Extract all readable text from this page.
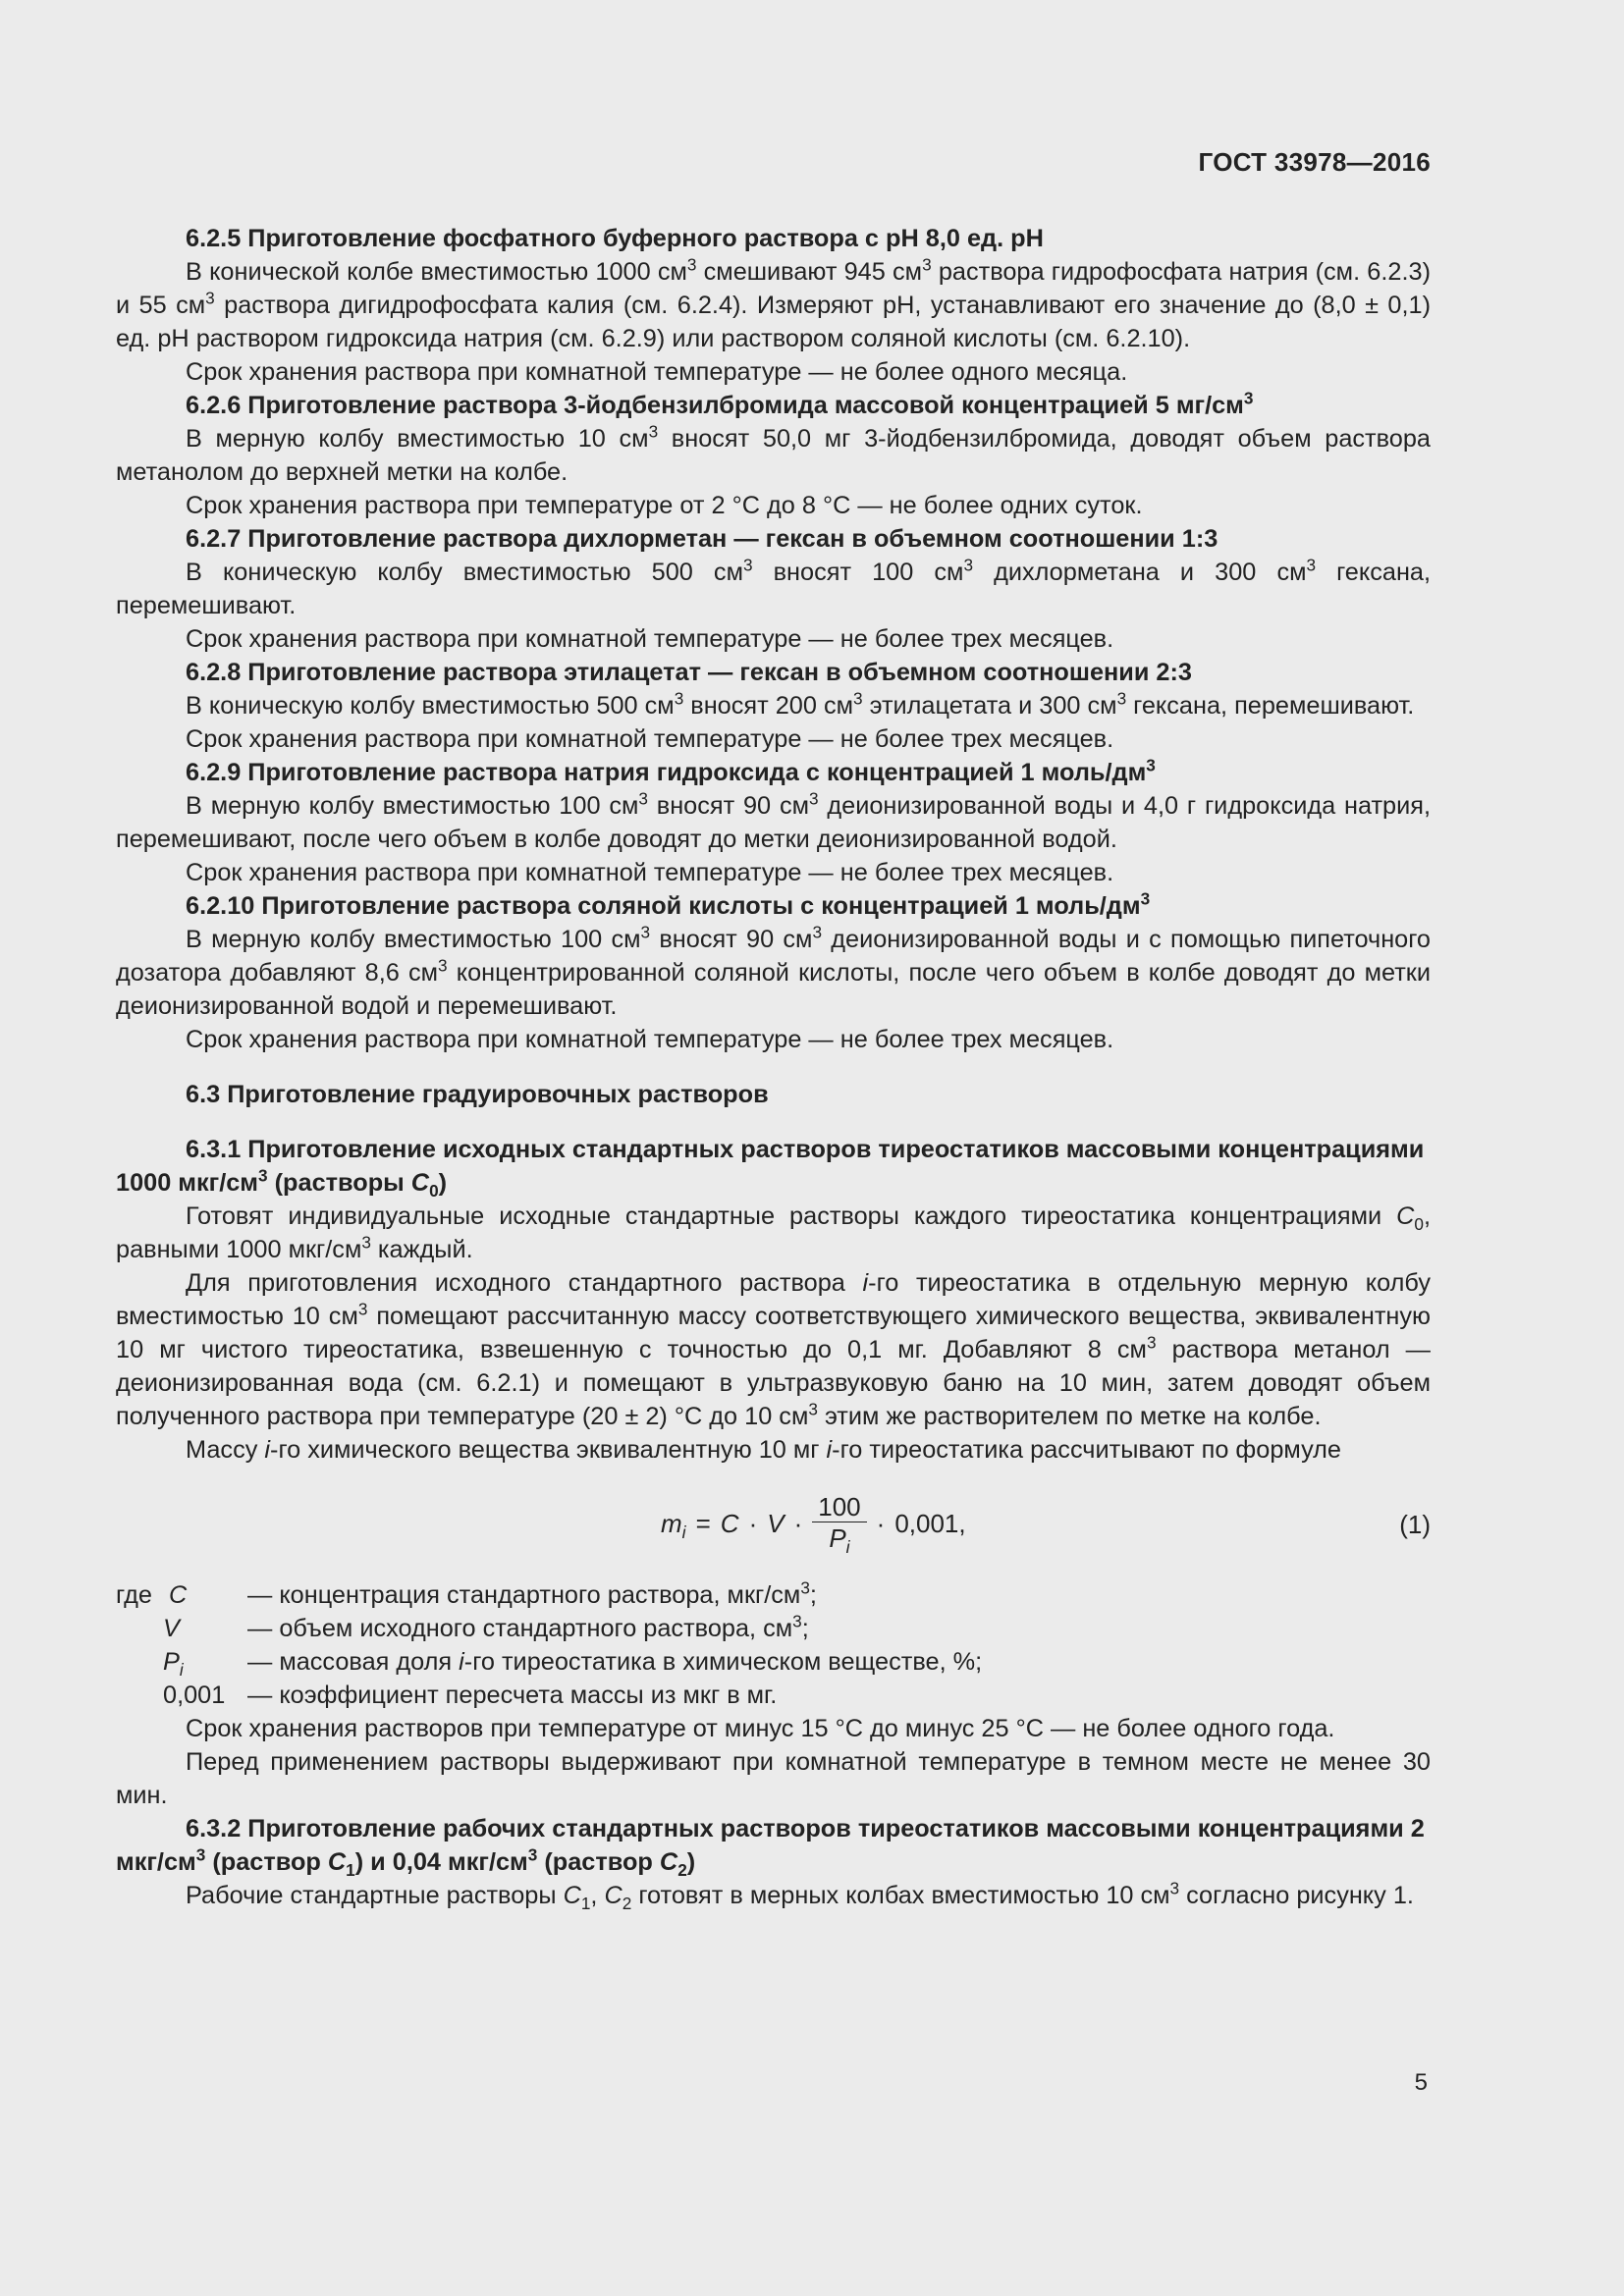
ГОСТ 33978—2016

6.2.5 Приготовление фосфатного буферного раствора с pH 8,0 ед. pH

В конической колбе вместимостью 1000 $см^3$ смешивают 945 $см^3$ раствора гидрофосфата натрия (см. 6.2.3) и 55 $см^3$ раствора дигидрофосфата калия (см. 6.2.4). Измеряют pH, устанавливают его значение до (8,0 ± 0,1) ед. pH раствором гидроксида натрия (см. 6.2.9) или раствором соляной кислоты (см. 6.2.10).

Срок хранения раствора при комнатной температуре — не более одного месяца.

6.2.6 Приготовление раствора 3-йодбензилбромида массовой концентрацией 5 $мг/см^3$

В мерную колбу вместимостью 10 $см^3$ вносят 50,0 мг 3-йодбензилбромида, доводят объем раствора метанолом до верхней метки на колбе.

Срок хранения раствора при температуре от 2 °С до 8 °С — не более одних суток.

6.2.7 Приготовление раствора дихлорметан — гексан в объемном соотношении 1:3

В коническую колбу вместимостью 500 $см^3$ вносят 100 $см^3$ дихлорметана и 300 $см^3$ гексана, перемешивают.

Срок хранения раствора при комнатной температуре — не более трех месяцев.

6.2.8 Приготовление раствора этилацетат — гексан в объемном соотношении 2:3

В коническую колбу вместимостью 500 $см^3$ вносят 200 $см^3$ этилацетата и 300 $см^3$ гексана, перемешивают.

Срок хранения раствора при комнатной температуре — не более трех месяцев.

6.2.9 Приготовление раствора натрия гидроксида с концентрацией 1 моль/$дм^3$

В мерную колбу вместимостью 100 $см^3$ вносят 90 $см^3$ деионизированной воды и 4,0 г гидроксида натрия, перемешивают, после чего объем в колбе доводят до метки деионизированной водой.

Срок хранения раствора при комнатной температуре — не более трех месяцев.

6.2.10 Приготовление раствора соляной кислоты с концентрацией 1 моль/$дм^3$

В мерную колбу вместимостью 100 $см^3$ вносят 90 $см^3$ деионизированной воды и с помощью пипеточного дозатора добавляют 8,6 $см^3$ концентрированной соляной кислоты, после чего объем в колбе доводят до метки деионизированной водой и перемешивают.

Срок хранения раствора при комнатной температуре — не более трех месяцев.

6.3 Приготовление градуировочных растворов

6.3.1 Приготовление исходных стандартных растворов тиреостатиков массовыми концентрациями 1000 мкг/$см^3$ (растворы $C_0$)

Готовят индивидуальные исходные стандартные растворы каждого тиреостатика концентрациями $C_0$, равными 1000 мкг/$см^3$ каждый.

Для приготовления исходного стандартного раствора i-го тиреостатика в отдельную мерную колбу вместимостью 10 $см^3$ помещают рассчитанную массу соответствующего химического вещества, эквивалентную 10 мг чистого тиреостатика, взвешенную с точностью до 0,1 мг. Добавляют 8 $см^3$ раствора метанол — деионизированная вода (см. 6.2.1) и помещают в ультразвуковую баню на 10 мин, затем доводят объем полученного раствора при температуре (20 ± 2) °С до 10 $см^3$ этим же растворителем по метке на колбе.

Массу i-го химического вещества эквивалентную 10 мг i-го тиреостатика рассчитывают по формуле

$m_i = C \cdot V \cdot \frac{100}{P_i} \cdot 0,001$,	(1)
где C	— концентрация стандартного раствора, мкг/$см^3$;
V	— объем исходного стандартного раствора, $см^3$;
$P_i$	— массовая доля i-го тиреостатика в химическом веществе, %;
0,001 — коэффициент пересчета массы из мкг в мг.

Срок хранения растворов при температуре от минус 15 °С до минус 25 °С — не более одного года.

Перед применением растворы выдерживают при комнатной температуре в темном месте не менее 30 мин.

6.3.2 Приготовление рабочих стандартных растворов тиреостатиков массовыми концентрациями 2 мкг/$см^3$ (раствор $C_1$) и 0,04 мкг/$см^3$ (раствор $C_2$)

Рабочие стандартные растворы $C_1$, $C_2$ готовят в мерных колбах вместимостью 10 $см^3$ согласно рисунку 1.

5
